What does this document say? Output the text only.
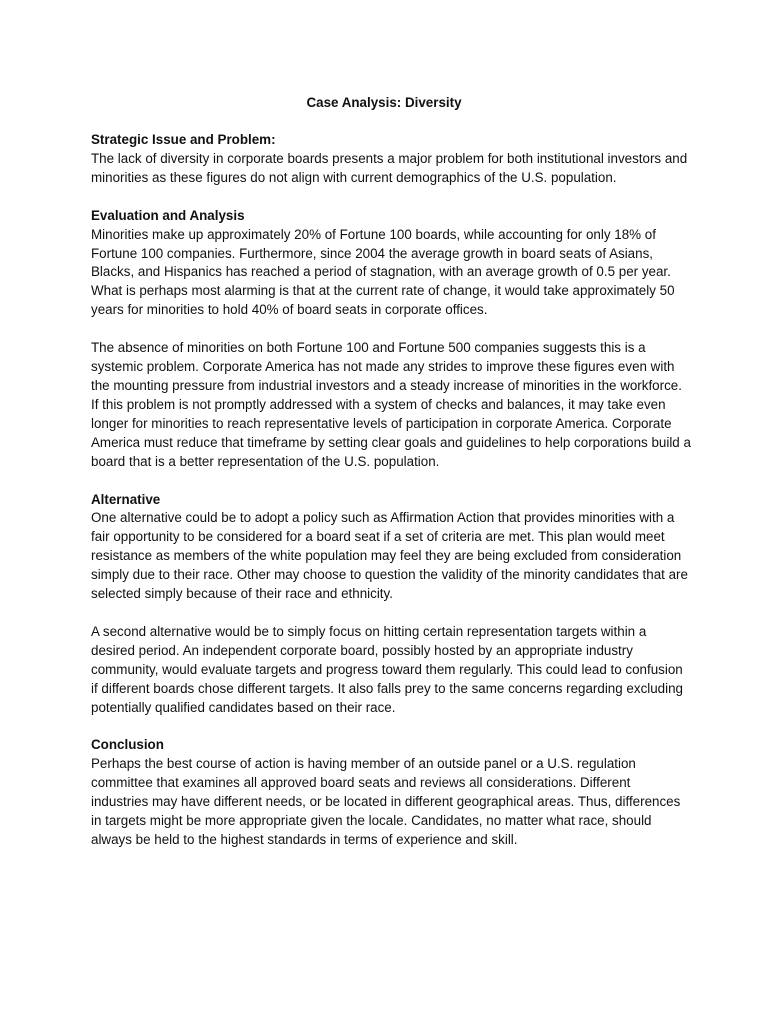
Case Analysis: Diversity
Strategic Issue and Problem:

The lack of diversity in corporate boards presents a major problem for both institutional investors and minorities as these figures do not align with current demographics of the U.S. population.

Evaluation and Analysis

Minorities make up approximately 20% of Fortune 100 boards, while accounting for only 18% of Fortune 100 companies. Furthermore, since 2004 the average growth in board seats of Asians, Blacks, and Hispanics has reached a period of stagnation, with an average growth of 0.5 per year. What is perhaps most alarming is that at the current rate of change, it would take approximately 50 years for minorities to hold 40% of board seats in corporate offices.

The absence of minorities on both Fortune 100 and Fortune 500 companies suggests this is a systemic problem. Corporate America has not made any strides to improve these figures even with the mounting pressure from industrial investors and a steady increase of minorities in the workforce. If this problem is not promptly addressed with a system of checks and balances, it may take even longer for minorities to reach representative levels of participation in corporate America. Corporate America must reduce that timeframe by setting clear goals and guidelines to help corporations build a board that is a better representation of the U.S. population.

Alternative

One alternative could be to adopt a policy such as Affirmation Action that provides minorities with a fair opportunity to be considered for a board seat if a set of criteria are met. This plan would meet resistance as members of the white population may feel they are being excluded from consideration simply due to their race. Other may choose to question the validity of the minority candidates that are selected simply because of their race and ethnicity.

A second alternative would be to simply focus on hitting certain representation targets within a desired period. An independent corporate board, possibly hosted by an appropriate industry community, would evaluate targets and progress toward them regularly. This could lead to confusion if different boards chose different targets. It also falls prey to the same concerns regarding excluding potentially qualified candidates based on their race.

Conclusion

Perhaps the best course of action is having member of an outside panel or a U.S. regulation committee that examines all approved board seats and reviews all considerations. Different industries may have different needs, or be located in different geographical areas. Thus, differences in targets might be more appropriate given the locale. Candidates, no matter what race, should always be held to the highest standards in terms of experience and skill.
